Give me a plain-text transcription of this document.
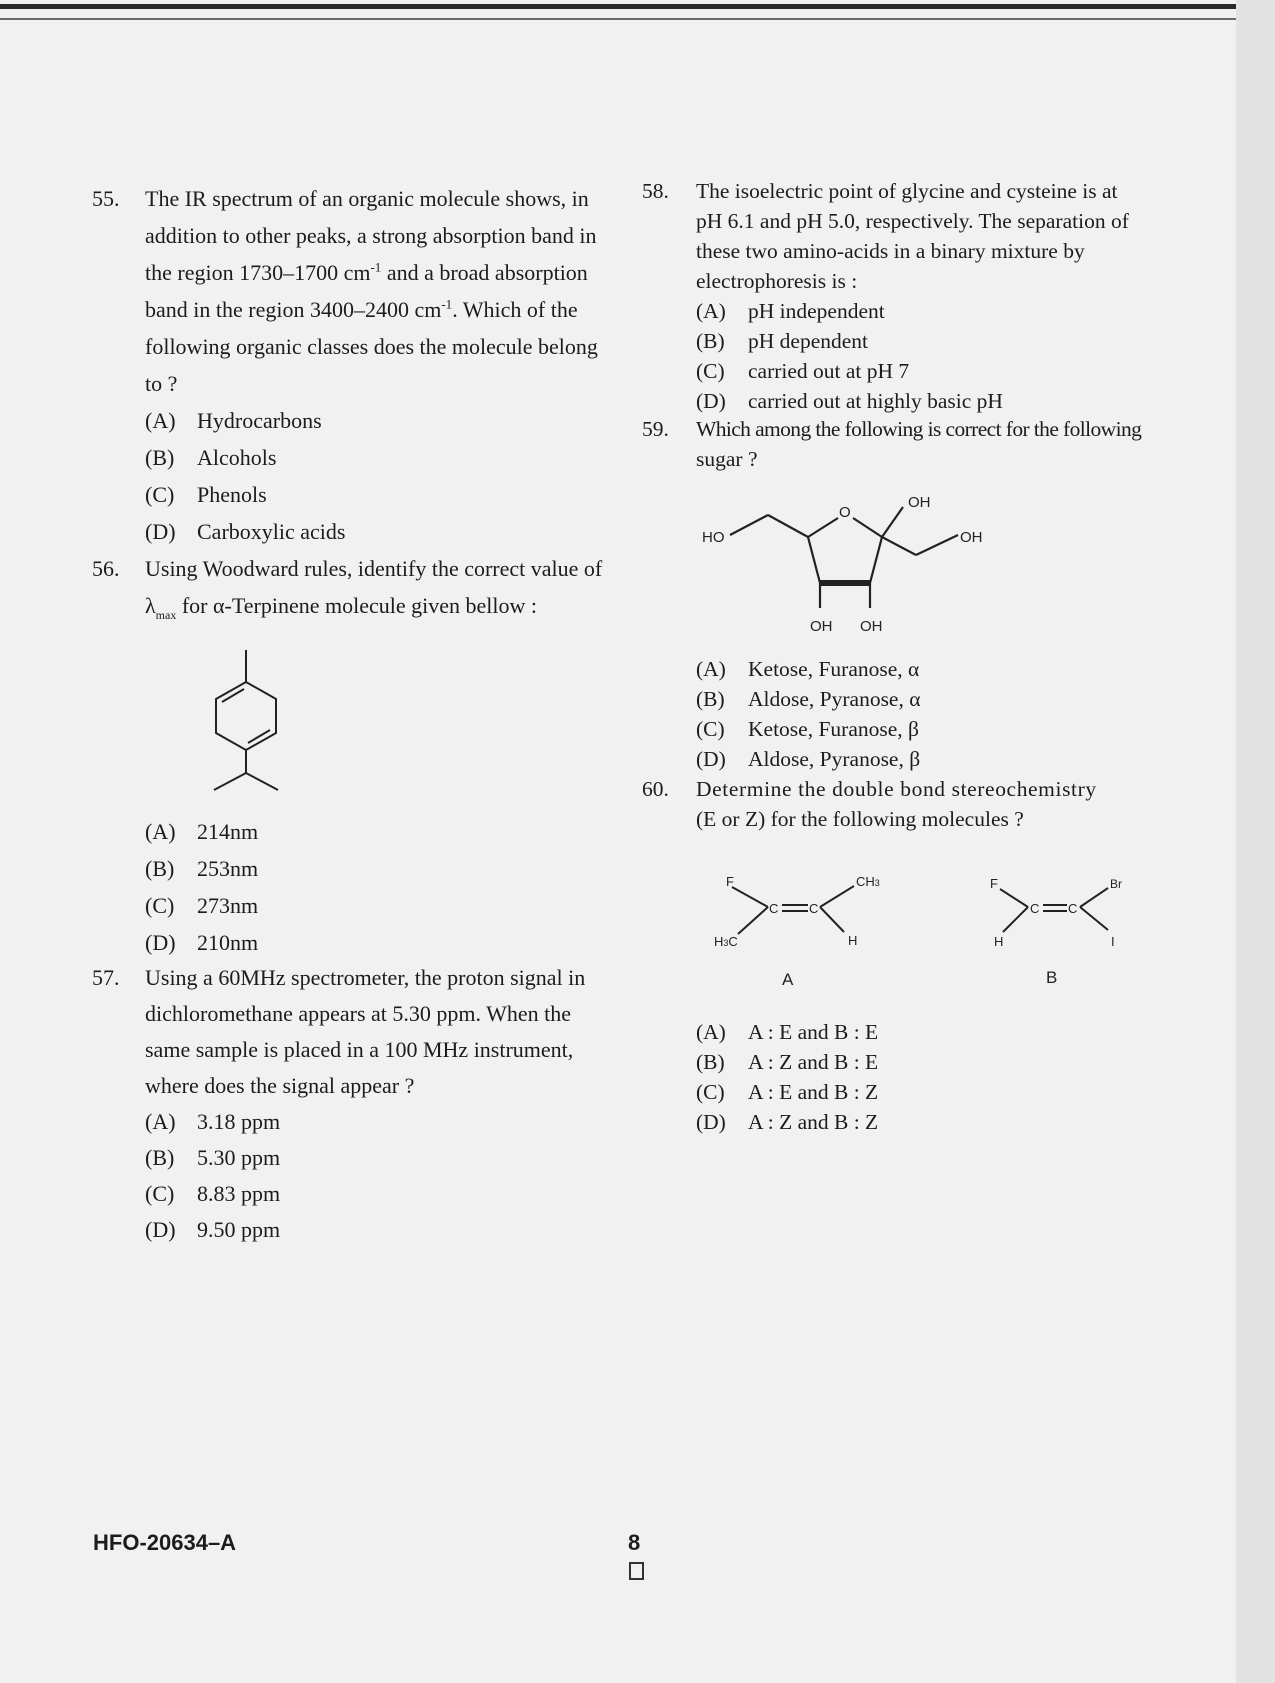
55. The IR spectrum of an organic molecule shows, in
addition to other peaks, a strong absorption band in
the region 1730–1700 $cm^{-1}$ and a broad absorption
band in the region 3400–2400 $cm^{-1}$. Which of the
following organic classes does the molecule belong
to ?
(A) Hydrocarbons
(B) Alcohols
(C) Phenols
(D) Carboxylic acids
56. Using Woodward rules, identify the correct value of
$\lambda_{max}$ for α-Terpinene molecule given bellow :
(A) 214nm
(B) 253nm
(C) 273nm
(D) 210nm
57. Using a 60MHz spectrometer, the proton signal in
dichloromethane appears at 5.30 ppm. When the
same sample is placed in a 100 MHz instrument,
where does the signal appear ?
(A) 3.18 ppm
(B) 5.30 ppm
(C) 8.83 ppm
(D) 9.50 ppm
58. The isoelectric point of glycine and cysteine is at
pH 6.1 and pH 5.0, respectively. The separation of
these two amino-acids in a binary mixture by
electrophoresis is :
(A) pH independent
(B) pH dependent
(C) carried out at pH 7
(D) carried out at highly basic pH
59. Which among the following is correct for the following
sugar ?
HO
O
OH
OH
OH OH
(A) Ketose, Furanose, α
(B) Aldose, Pyranose, α
(C) Ketose, Furanose, β
(D) Aldose, Pyranose, β
60. Determine the double bond stereochemistry
(E or Z) for the following molecules ?
F
C C
CH3
H3C	H
A
F
C C
Br
H	I
B
(A) A : E and B : E
(B) A : Z and B : E
(C) A : E and B : Z
(D) A : Z and B : Z
HFO-20634–A	8
